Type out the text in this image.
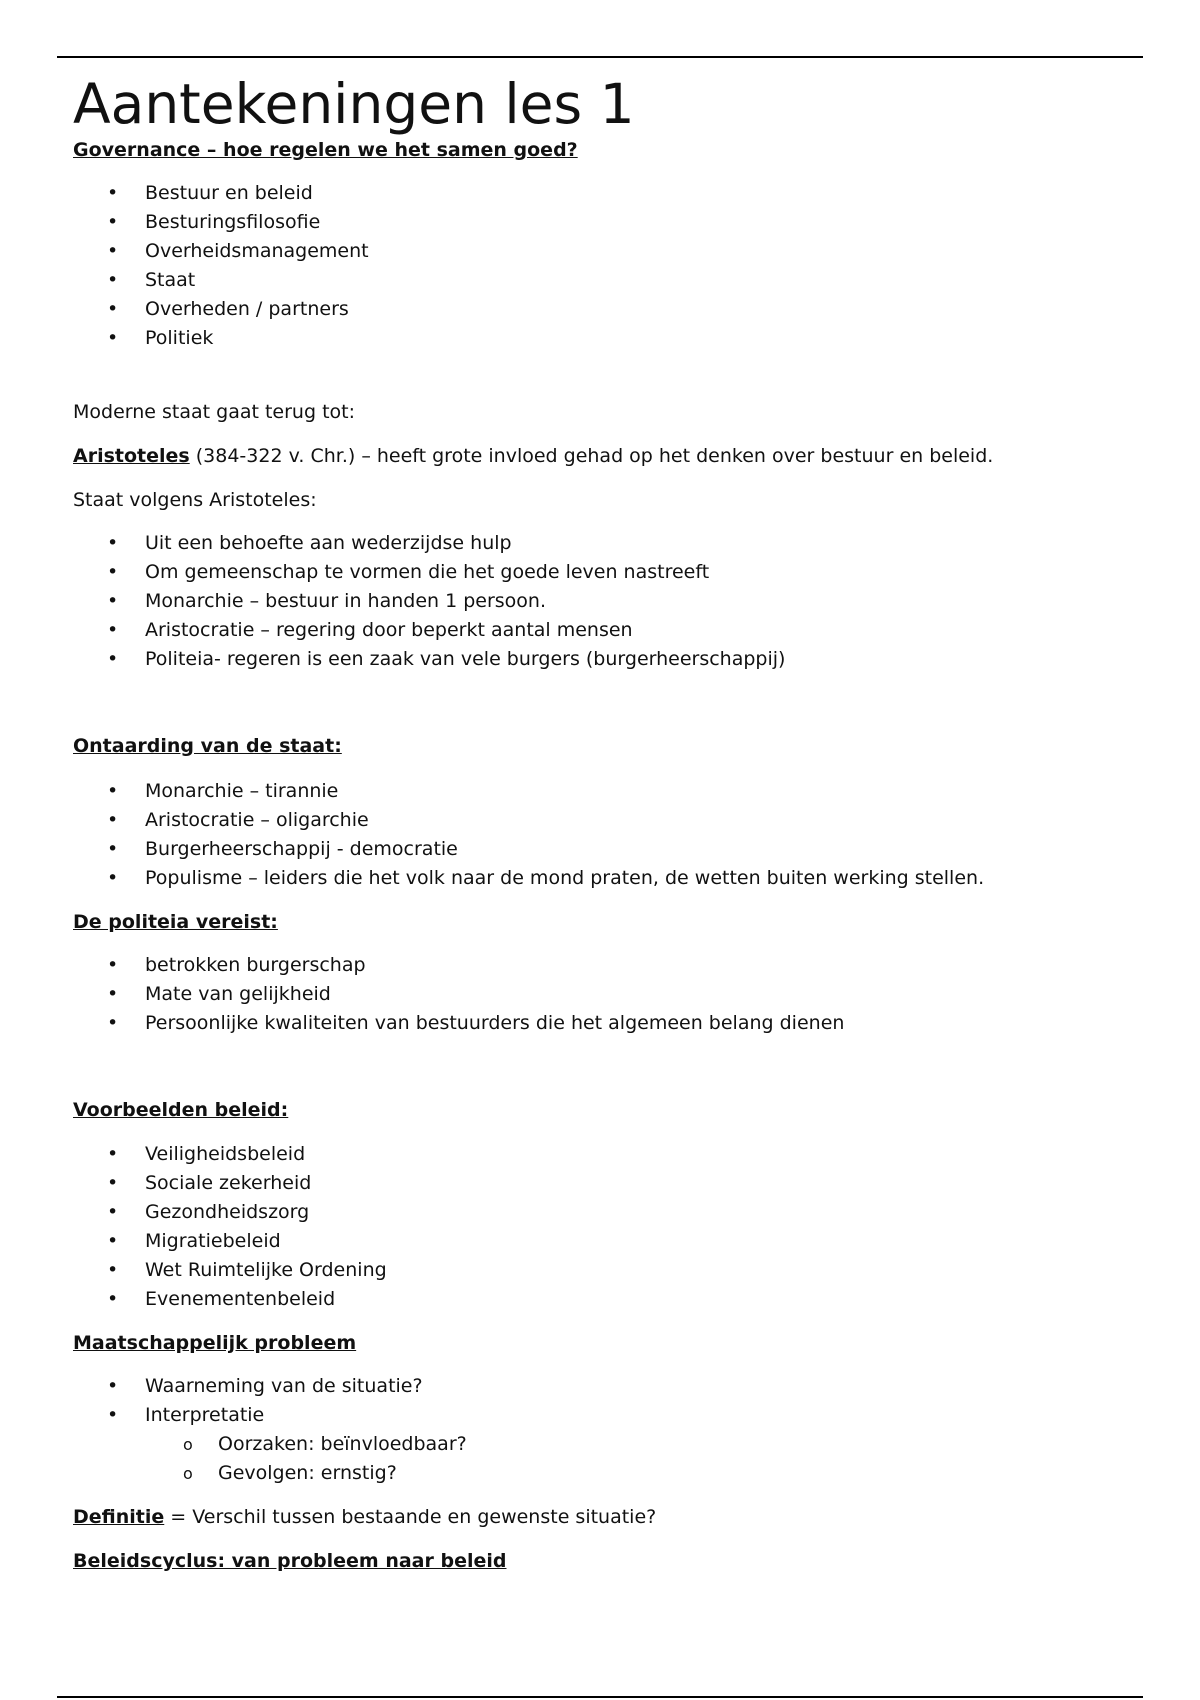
Aantekeningen les 1
Governance – hoe regelen we het samen goed?
• Bestuur en beleid
• Besturingsfilosofie
• Overheidsmanagement
• Staat
• Overheden / partners
• Politiek

Moderne staat gaat terug tot:

Aristoteles (384-322 v. Chr.) – heeft grote invloed gehad op het denken over bestuur en beleid.

Staat volgens Aristoteles:

• Uit een behoefte aan wederzijdse hulp
• Om gemeenschap te vormen die het goede leven nastreeft
• Monarchie – bestuur in handen 1 persoon.
• Aristocratie – regering door beperkt aantal mensen
• Politeia- regeren is een zaak van vele burgers (burgerheerschappij)
Ontaarding van de staat:
• Monarchie – tirannie
• Aristocratie – oligarchie
• Burgerheerschappij - democratie
• Populisme – leiders die het volk naar de mond praten, de wetten buiten werking stellen.
De politeia vereist:
• betrokken burgerschap
• Mate van gelijkheid
• Persoonlijke kwaliteiten van bestuurders die het algemeen belang dienen
Voorbeelden beleid:
• Veiligheidsbeleid
• Sociale zekerheid
• Gezondheidszorg
• Migratiebeleid
• Wet Ruimtelijke Ordening
• Evenementenbeleid
Maatschappelijk probleem
• Waarneming van de situatie?
• Interpretatie
o Oorzaken: beïnvloedbaar?
o Gevolgen: ernstig?

Definitie = Verschil tussen bestaande en gewenste situatie?

Beleidscyclus: van probleem naar beleid
